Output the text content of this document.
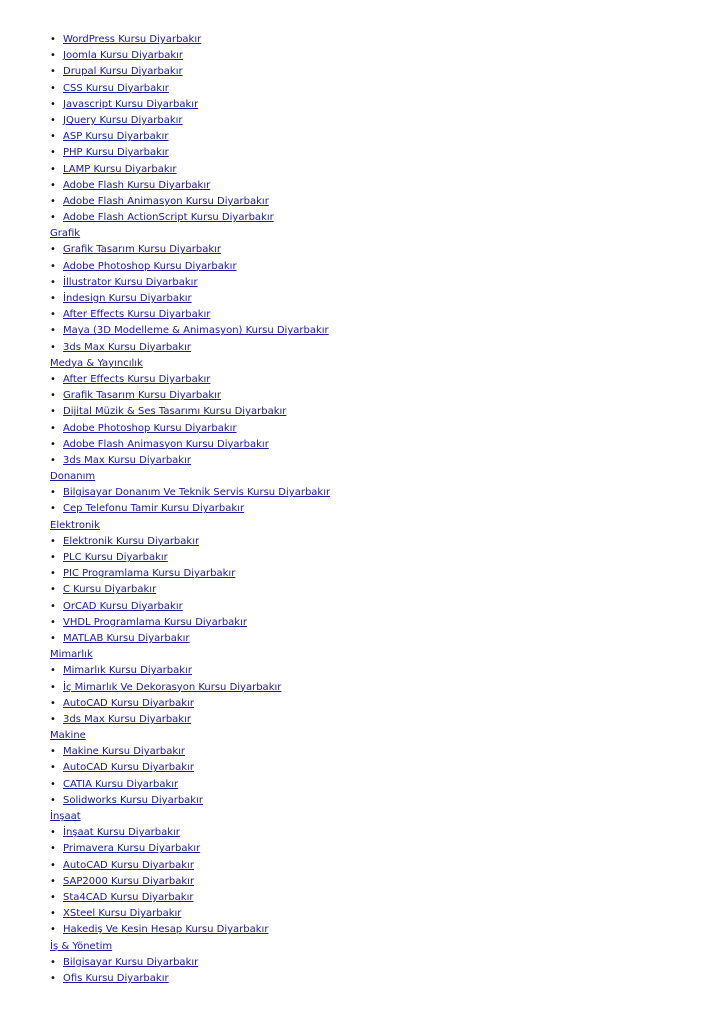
• WordPress Kursu Diyarbakır
• Joomla Kursu Diyarbakır
• Drupal Kursu Diyarbakır
• CSS Kursu Diyarbakır
• Javascript Kursu Diyarbakır
• JQuery Kursu Diyarbakır
• ASP Kursu Diyarbakır
• PHP Kursu Diyarbakır
• LAMP Kursu Diyarbakır
• Adobe Flash Kursu Diyarbakır
• Adobe Flash Animasyon Kursu Diyarbakır
• Adobe Flash ActionScript Kursu Diyarbakır
Grafik
• Grafik Tasarım Kursu Diyarbakır
• Adobe Photoshop Kursu Diyarbakır
• İllustrator Kursu Diyarbakır
• İndesign Kursu Diyarbakır
• After Effects Kursu Diyarbakır
• Maya (3D Modelleme & Animasyon) Kursu Diyarbakır
• 3ds Max Kursu Diyarbakır
Medya & Yayıncılık
• After Effects Kursu Diyarbakır
• Grafik Tasarım Kursu Diyarbakır
• Dijital Müzik & Ses Tasarımı Kursu Diyarbakır
• Adobe Photoshop Kursu Diyarbakır
• Adobe Flash Animasyon Kursu Diyarbakır
• 3ds Max Kursu Diyarbakır
Donanım
• Bilgisayar Donanım Ve Teknik Servis Kursu Diyarbakır
• Cep Telefonu Tamir Kursu Diyarbakır
Elektronik
• Elektronik Kursu Diyarbakır
• PLC Kursu Diyarbakır
• PIC Programlama Kursu Diyarbakır
• C Kursu Diyarbakır
• OrCAD Kursu Diyarbakır
• VHDL Programlama Kursu Diyarbakır
• MATLAB Kursu Diyarbakır
Mimarlık
• Mimarlık Kursu Diyarbakır
• İç Mimarlık Ve Dekorasyon Kursu Diyarbakır
• AutoCAD Kursu Diyarbakır
• 3ds Max Kursu Diyarbakır
Makine
• Makine Kursu Diyarbakır
• AutoCAD Kursu Diyarbakır
• CATIA Kursu Diyarbakır
• Solidworks Kursu Diyarbakır
İnşaat
• İnşaat Kursu Diyarbakır
• Primavera Kursu Diyarbakır
• AutoCAD Kursu Diyarbakır
• SAP2000 Kursu Diyarbakır
• Sta4CAD Kursu Diyarbakır
• XSteel Kursu Diyarbakır
• Hakediş Ve Kesin Hesap Kursu Diyarbakır
İş & Yönetim
• Bilgisayar Kursu Diyarbakır
• Ofis Kursu Diyarbakır
